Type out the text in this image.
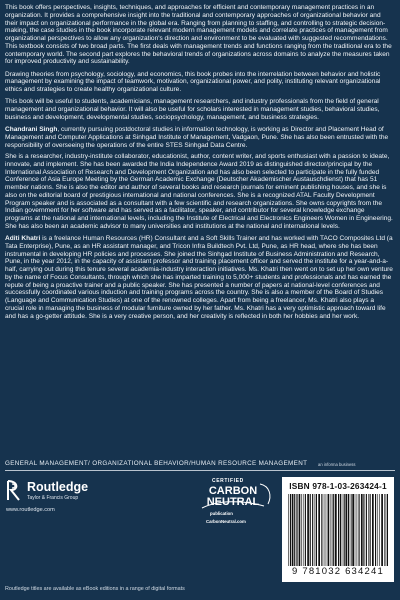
This book offers perspectives, insights, techniques, and approaches for efficient and contemporary management practices in an organization. It provides a comprehensive insight into the traditional and contemporary approaches of organizational behavior and their impact on organizational performance in the global era. Ranging from planning to staffing, and controlling to strategic decision-making, the case studies in the book incorporate relevant modern management models and correlate practices of management from organizational perspectives to allow any organization's direction and environment to be evaluated with suggested recommendations. This textbook consists of two broad parts. The first deals with management trends and functions ranging from the traditional era to the contemporary world. The second part explores the behavioral trends of organizations across domains to analyze the measures taken for improved productivity and sustainability.

Drawing theories from psychology, sociology, and economics, this book probes into the interrelation between behavior and holistic management by examining the impact of teamwork, motivation, organizational power, and polity, instituting relevant organizational ethics and strategies to create healthy organizational culture.

This book will be useful to students, academicians, management researchers, and industry professionals from the field of general management and organizational behavior. It will also be useful for scholars interested in management studies, behavioral studies, business and development, developmental studies, sociopsychology, management, and business strategies.

Chandrani Singh, currently pursuing postdoctoral studies in information technology, is working as Director and Placement Head of Management and Computer Applications at Sinhgad Institute of Management, Vadgaon, Pune. She has also been entrusted with the responsibility of overseeing the operations of the entire STES Sinhgad Data Centre.

She is a researcher, industry-institute collaborator, educationist, author, content writer, and sports enthusiast with a passion to ideate, innovate, and implement. She has been awarded the India Independence Award 2019 as distinguished director/principal by the International Association of Research and Development Organization and has also been selected to participate in the fully funded Conference of Asia Europe Meeting by the German Academic Exchange (Deutscher Akademischer Austauschdienst) that has 51 member nations. She is also the editor and author of several books and research journals for eminent publishing houses, and she is also on the editorial board of prestigious international and national conferences. She is a recognized ATAL Faculty Development Program speaker and is associated as a consultant with a few scientific and research organizations. She owns copyrights from the Indian government for her software and has served as a facilitator, speaker, and contributor for several knowledge exchange programs at the national and international levels, including the Institute of Electrical and Electronics Engineers Women in Engineering. She has also been an academic advisor to many universities and institutions at the national and international levels.

Aditi Khatri is a freelance Human Resources (HR) Consultant and a Soft Skills Trainer and has worked with TACO Composites Ltd (a Tata Enterprise), Pune, as an HR assistant manager, and Tricon Infra Buildtech Pvt. Ltd, Pune, as HR head, where she has been instrumental in developing HR policies and processes. She joined the Sinhgad Institute of Business Administration and Research, Pune, in the year 2012, in the capacity of assistant professor and training placement officer and served the institute for a year-and-a-half, carrying out during this tenure several academia-industry interaction initiatives. Ms. Khatri then went on to set up her own venture by the name of Focus Consultants, through which she has imparted training to 5,000+ students and professionals and has earned the repute of being a proactive trainer and a public speaker. She has presented a number of papers at national-level conferences and successfully coordinated various induction and training programs across the country. She is also a member of the Board of Studies (Language and Communication Studies) at one of the renowned colleges. Apart from being a freelancer, Ms. Khatri also plays a crucial role in managing the business of modular furniture owned by her father. Ms. Khatri has a very optimistic approach toward life and has a go-getter attitude. She is a very creative person, and her creativity is reflected in both her hobbies and her work.

GENERAL MANAGEMENT/ ORGANIZATIONAL BEHAVIOR/HUMAN RESOURCE MANAGEMENT	an informa business
Routledge
Taylor & Francis Group
www.routledge.com
CERTIFIED
CARBON NEUTRAL
publication
CarbonNeutral.com
ISBN 978-1-03-263424-1
9 781032 634241
Routledge titles are available as eBook editions in a range of digital formats
